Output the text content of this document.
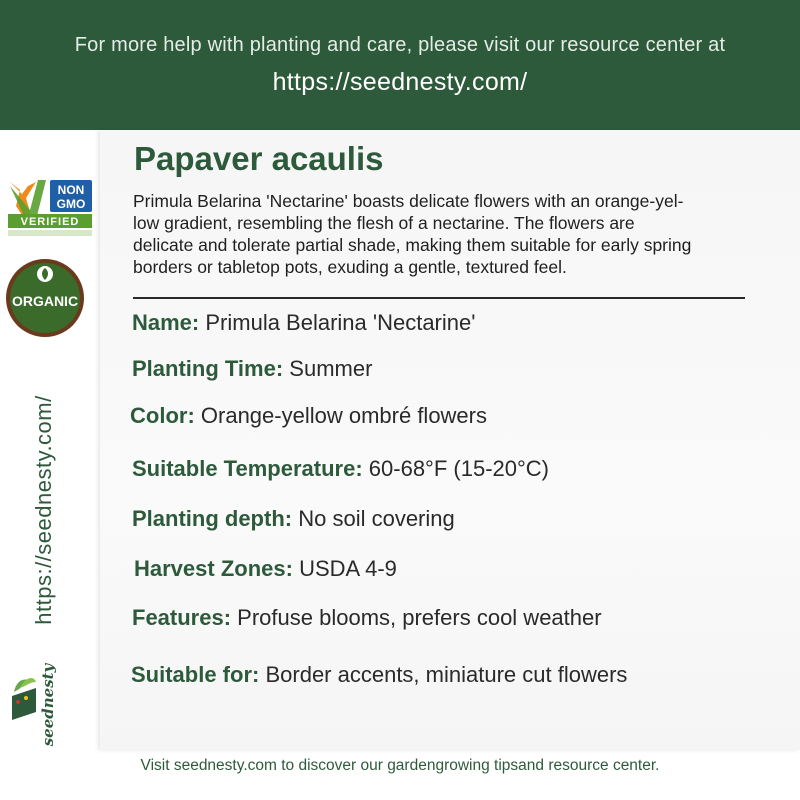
For more help with planting and care, please visit our resource center at
https://seednesty.com/
NON
GMO
VERIFIED
ORGANIC
https://seednesty.com/
seednesty
Papaver acaulis
Primula Belarina 'Nectarine' boasts delicate flowers with an orange-yel-
low gradient, resembling the flesh of a nectarine. The flowers are
delicate and tolerate partial shade, making them suitable for early spring
borders or tabletop pots, exuding a gentle, textured feel.
Name: Primula Belarina 'Nectarine'
Planting Time: Summer
Color: Orange-yellow ombré flowers
Suitable Temperature: 60-68°F (15-20°C)
Planting depth: No soil covering
Harvest Zones: USDA 4-9
Features: Profuse blooms, prefers cool weather
Suitable for: Border accents, miniature cut flowers
Visit seednesty.com to discover our gardengrowing tipsand resource center.
